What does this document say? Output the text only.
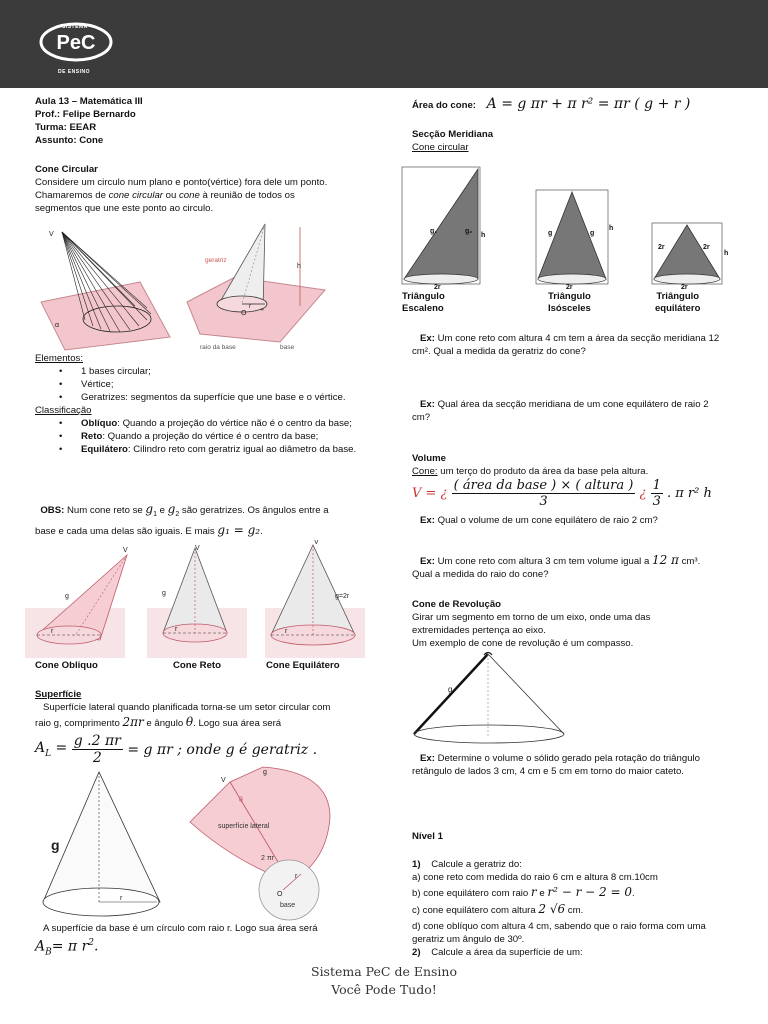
PeC
SISTEMA
DE ENSINO
Aula 13 – Matemática III
Prof.: Felipe Bernardo
Turma: EEAR
Assunto: Cone
Cone Circular
Considere um circulo num plano e ponto(vértice) fora dele um ponto.
Chamaremos de cone circular ou cone à reunião de todos os
segmentos que une este ponto ao circulo.
V
α
geratriz
h
O
r
raio da base	base
Elementos:
• 1 bases circular;
• Vértice;
• Geratrizes: segmentos da superfície que une base e o vértice.
Classificação
• Oblíquo: Quando a projeção do vértice não é o centro da base;
• Reto: Quando a projeção do vértice é o centro da base;
• Equilátero: Cilindro reto com geratriz igual ao diâmetro da base.
OBS: Num cone reto se $g_1$ e $g_2$ são geratrizes. Os ângulos entre a
base e cada uma delas são iguais. E mais g₁ = g₂.
V
g
r
V
g
r
V
g=2r
r
Cone Obliquo	Cone Reto	Cone Equilátero
Superfície
Superfície lateral quando planificada torna-se um setor circular com
raio g, comprimento 2πr e ângulo θ. Logo sua área será
$A_L = \frac{g .2 \pi r}{2} = g$ πr ; onde g é geratriz .
g
r
V
θ
g
superfície lateral
2 πr
O
r
base
A superfície da base é um círculo com raio r. Logo sua área será
$A_B= \pi$ $r^2$.
Área do cone: A = g πr + π r² = πr ( g + r )
Secção Meridiana
Cone circular
g₁	g₂
h
2r
g	g
h
2r
2r	2r
h
2r
Triângulo
Escaleno
Triângulo
Isósceles
Triângulo
equilátero
Ex: Um cone reto com altura 4 cm tem a área da secção meridiana 12
cm². Qual a medida da geratriz do cone?
Ex: Qual área da secção meridiana de um cone equilátero de raio 2
cm?
Volume
Cone: um terço do produto da área da base pela altura.
V = ¿
( área da base ) × ( altura )
3
¿ $\frac{1}{3}$ . π r² h
Ex: Qual o volume de um cone equilátero de raio 2 cm?
Ex: Um cone reto com altura 3 cm tem volume igual a 12 π cm³.
Qual a medida do raio do cone?
Cone de Revolução
Girar um segmento em torno de um eixo, onde uma das
extremidades pertença ao eixo.
Um exemplo de cone de revolução é um compasso.
g
Ex: Determine o volume o sólido gerado pela rotação do triângulo
retângulo de lados 3 cm, 4 cm e 5 cm em torno do maior cateto.
Nível 1
1) Calcule a geratriz do:
a) cone reto com medida do raio 6 cm e altura 8 cm.10cm
b) cone equilátero com raio r e r² − r − 2 = 0.
c) cone equilátero com altura 2 √6 cm.
d) cone oblíquo com altura 4 cm, sabendo que o raio forma com uma
geratriz um ângulo de 30º.
2) Calcule a área da superfície de um:
Sistema PeC de Ensino
Você Pode Tudo!
